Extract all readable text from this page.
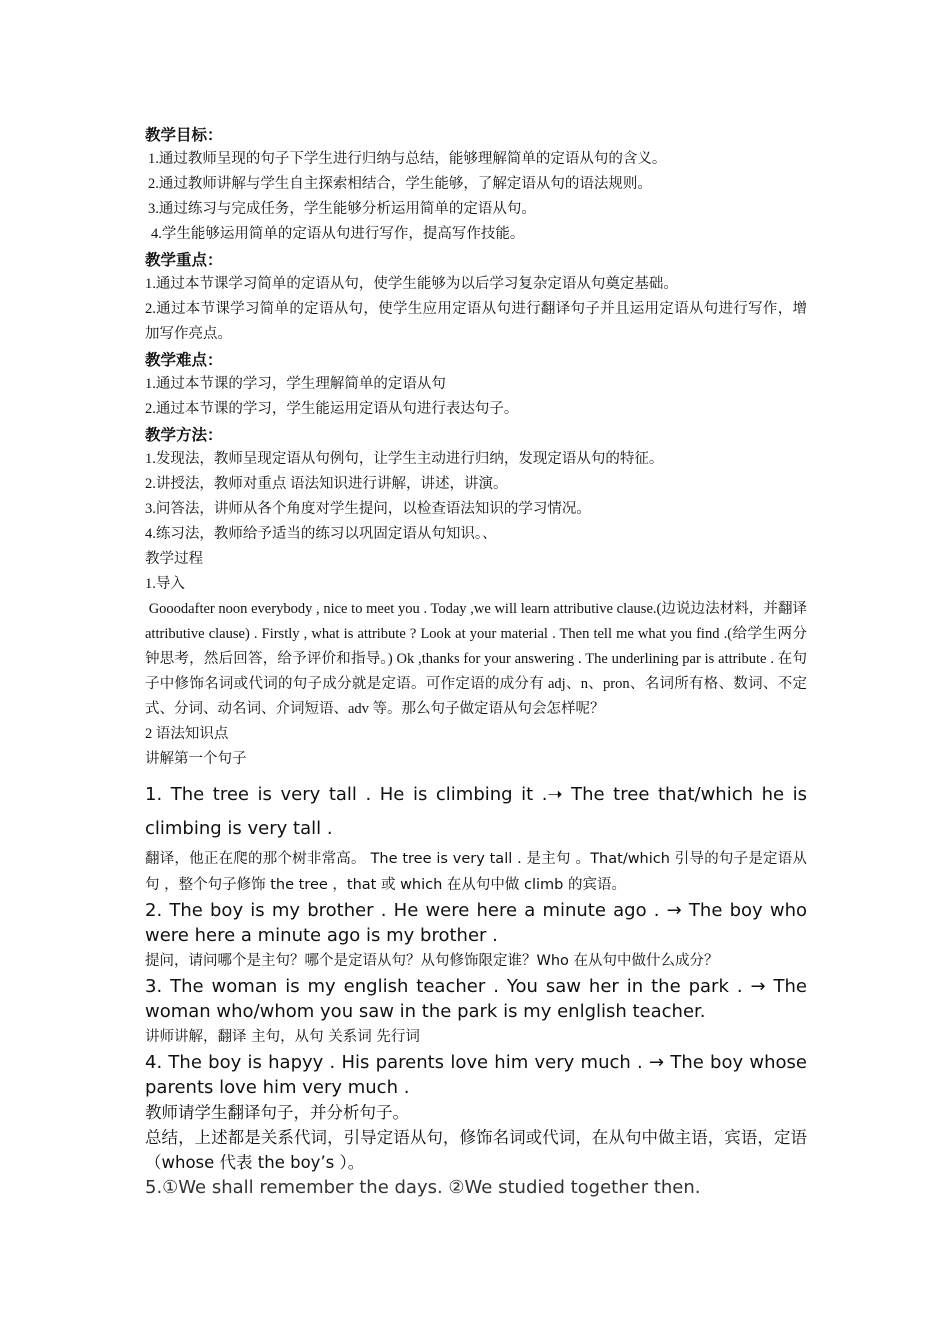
教学目标：
1.通过教师呈现的句子下学生进行归纳与总结，能够理解简单的定语从句的含义。
2.通过教师讲解与学生自主探索相结合，学生能够，了解定语从句的语法规则。
3.通过练习与完成任务，学生能够分析运用简单的定语从句。
4.学生能够运用简单的定语从句进行写作，提高写作技能。
教学重点：
1.通过本节课学习简单的定语从句，使学生能够为以后学习复杂定语从句奠定基础。
2.通过本节课学习简单的定语从句，使学生应用定语从句进行翻译句子并且运用定语从句进行写作，增加写作亮点。
教学难点：
1.通过本节课的学习，学生理解简单的定语从句
2.通过本节课的学习，学生能运用定语从句进行表达句子。
教学方法：
1.发现法，教师呈现定语从句例句，让学生主动进行归纳，发现定语从句的特征。
2.讲授法，教师对重点 语法知识进行讲解，讲述，讲演。
3.问答法，讲师从各个角度对学生提问，以检查语法知识的学习情况。
4.练习法，教师给予适当的练习以巩固定语从句知识。、
教学过程
1.导入
Gooodafter noon everybody , nice to meet you . Today ,we will learn attributive clause.(边说边法材料，并翻译 attributive clause) . Firstly , what is attribute ? Look at your material . Then tell me what you find .(给学生两分钟思考，然后回答，给予评价和指导。) Ok ,thanks for your answering . The underlining par is attribute . 在句子中修饰名词或代词的句子成分就是定语。可作定语的成分有 adj、n、pron、名词所有格、数词、不定式、分词、动名词、介词短语、adv 等。那么句子做定语从句会怎样呢？
2 语法知识点
讲解第一个句子
1. The tree is very tall . He is climbing it .➝ The tree that/which he is climbing is very tall .
翻译，他正在爬的那个树非常高。 The tree is very tall . 是主句 。That/which 引导的句子是定语从句 ，整个句子修饰 the tree ，that 或 which 在从句中做 climb 的宾语。
2. The boy is my brother . He were here a minute ago . → The boy who were here a minute ago is my brother .
提问，请问哪个是主句？哪个是定语从句？从句修饰限定谁？Who 在从句中做什么成分？
3. The woman is my english teacher . You saw her in the park . → The woman who/whom you saw in the park is my enlglish teacher.
讲师讲解，翻译 主句，从句 关系词 先行词
4. The boy is hapyy . His parents love him very much . → The boy whose parents love him very much .
教师请学生翻译句子，并分析句子。
总结，上述都是关系代词，引导定语从句，修饰名词或代词，在从句中做主语，宾语，定语（whose 代表 the boy’s ）。
5.①We shall remember the days. ②We studied together then.
